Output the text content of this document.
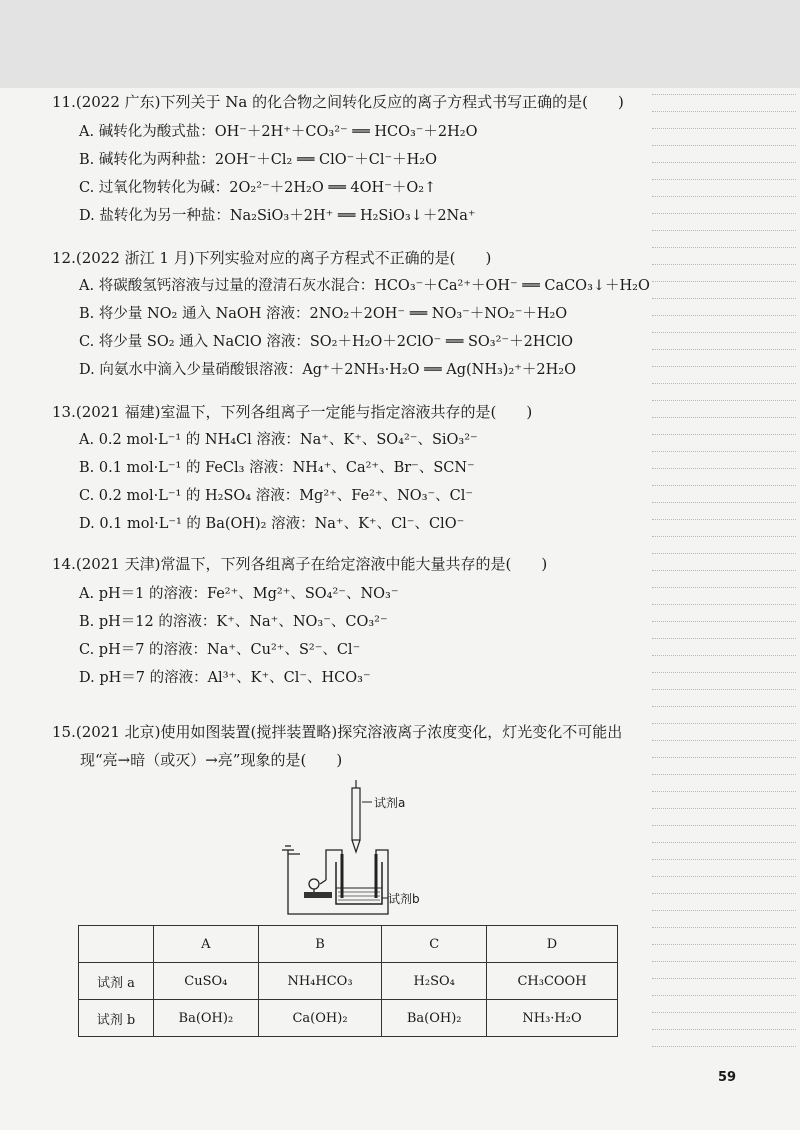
11.(2022 广东)下列关于 Na 的化合物之间转化反应的离子方程式书写正确的是(　　)
A. 碱转化为酸式盐：OH⁻＋2H⁺＋CO₃²⁻ ══ HCO₃⁻＋2H₂O
B. 碱转化为两种盐：2OH⁻＋Cl₂ ══ ClO⁻＋Cl⁻＋H₂O
C. 过氧化物转化为碱：2O₂²⁻＋2H₂O ══ 4OH⁻＋O₂↑
D. 盐转化为另一种盐：Na₂SiO₃＋2H⁺ ══ H₂SiO₃↓＋2Na⁺
12.(2022 浙江 1 月)下列实验对应的离子方程式不正确的是(　　)
A. 将碳酸氢钙溶液与过量的澄清石灰水混合：HCO₃⁻＋Ca²⁺＋OH⁻ ══ CaCO₃↓＋H₂O
B. 将少量 NO₂ 通入 NaOH 溶液：2NO₂＋2OH⁻ ══ NO₃⁻＋NO₂⁻＋H₂O
C. 将少量 SO₂ 通入 NaClO 溶液：SO₂＋H₂O＋2ClO⁻ ══ SO₃²⁻＋2HClO
D. 向氨水中滴入少量硝酸银溶液：Ag⁺＋2NH₃·H₂O ══ Ag(NH₃)₂⁺＋2H₂O
13.(2021 福建)室温下，下列各组离子一定能与指定溶液共存的是(　　)
A. 0.2 mol·L⁻¹ 的 NH₄Cl 溶液：Na⁺、K⁺、SO₄²⁻、SiO₃²⁻
B. 0.1 mol·L⁻¹ 的 FeCl₃ 溶液：NH₄⁺、Ca²⁺、Br⁻、SCN⁻
C. 0.2 mol·L⁻¹ 的 H₂SO₄ 溶液：Mg²⁺、Fe²⁺、NO₃⁻、Cl⁻
D. 0.1 mol·L⁻¹ 的 Ba(OH)₂ 溶液：Na⁺、K⁺、Cl⁻、ClO⁻
14.(2021 天津)常温下，下列各组离子在给定溶液中能大量共存的是(　　)
A. pH＝1 的溶液：Fe²⁺、Mg²⁺、SO₄²⁻、NO₃⁻
B. pH＝12 的溶液：K⁺、Na⁺、NO₃⁻、CO₃²⁻
C. pH＝7 的溶液：Na⁺、Cu²⁺、S²⁻、Cl⁻
D. pH＝7 的溶液：Al³⁺、K⁺、Cl⁻、HCO₃⁻
15.(2021 北京)使用如图装置(搅拌装置略)探究溶液离子浓度变化，灯光变化不可能出
现“亮→暗（或灭）→亮”现象的是(　　)
试剂a
试剂b
	A	B	C	D
试剂 a	CuSO₄	NH₄HCO₃	H₂SO₄	CH₃COOH
试剂 b	Ba(OH)₂	Ca(OH)₂	Ba(OH)₂	NH₃·H₂O
59
